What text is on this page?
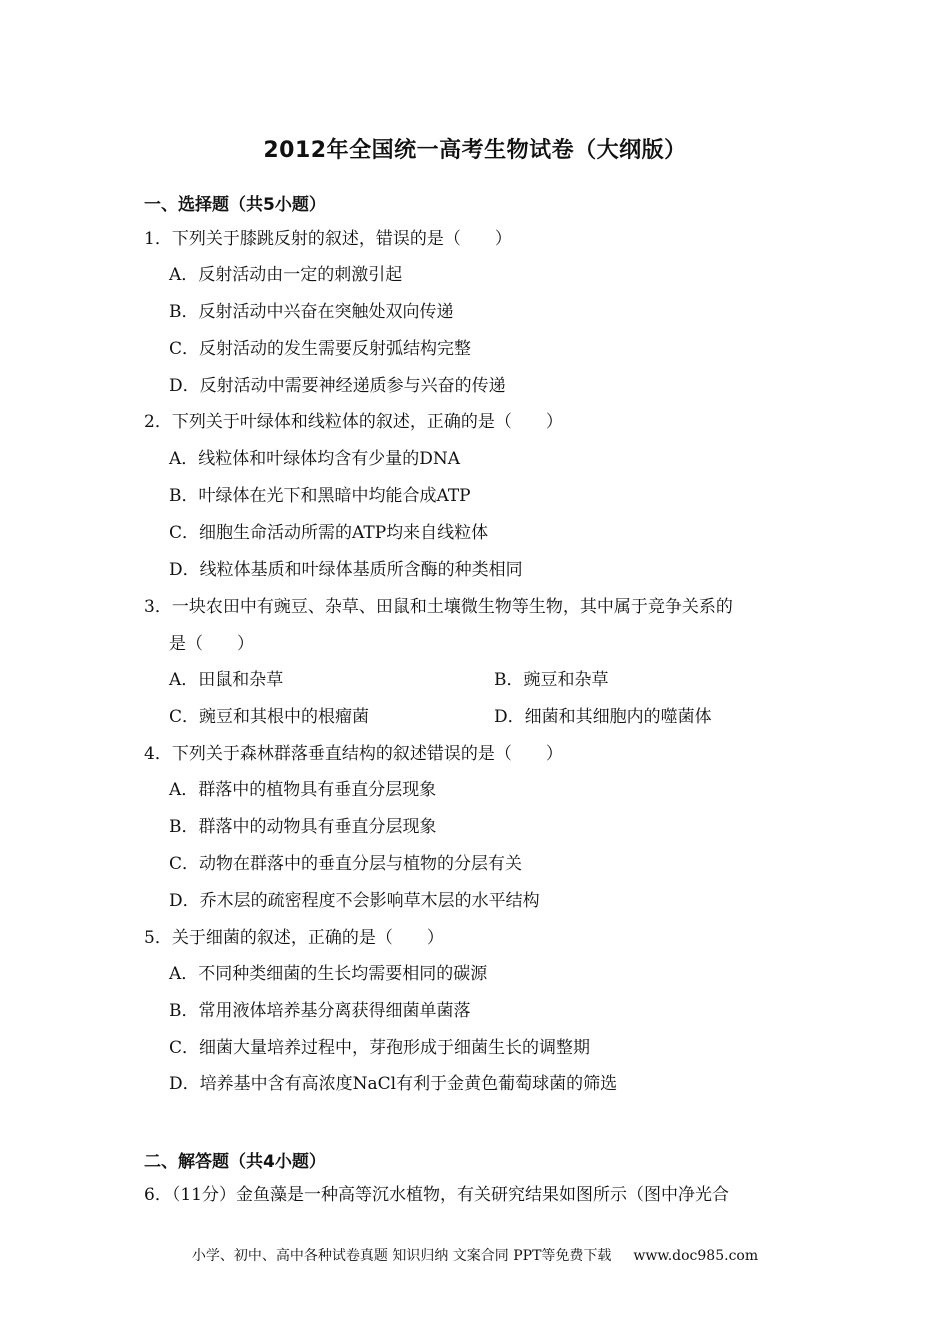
2012年全国统一高考生物试卷（大纲版）
一、选择题（共5小题）
1．下列关于膝跳反射的叙述，错误的是（　　）
A．反射活动由一定的刺激引起
B．反射活动中兴奋在突触处双向传递
C．反射活动的发生需要反射弧结构完整
D．反射活动中需要神经递质参与兴奋的传递
2．下列关于叶绿体和线粒体的叙述，正确的是（　　）
A．线粒体和叶绿体均含有少量的DNA
B．叶绿体在光下和黑暗中均能合成ATP
C．细胞生命活动所需的ATP均来自线粒体
D．线粒体基质和叶绿体基质所含酶的种类相同
3．一块农田中有豌豆、杂草、田鼠和土壤微生物等生物，其中属于竞争关系的
是（　　）
A．田鼠和杂草	B．豌豆和杂草
C．豌豆和其根中的根瘤菌	D．细菌和其细胞内的噬菌体
4．下列关于森林群落垂直结构的叙述错误的是（　　）
A．群落中的植物具有垂直分层现象
B．群落中的动物具有垂直分层现象
C．动物在群落中的垂直分层与植物的分层有关
D．乔木层的疏密程度不会影响草木层的水平结构
5．关于细菌的叙述，正确的是（　　）
A．不同种类细菌的生长均需要相同的碳源
B．常用液体培养基分离获得细菌单菌落
C．细菌大量培养过程中，芽孢形成于细菌生长的调整期
D．培养基中含有高浓度NaCl有利于金黄色葡萄球菌的筛选
二、解答题（共4小题）
6．（11分）金鱼藻是一种高等沉水植物，有关研究结果如图所示（图中净光合
小学、初中、高中各种试卷真题 知识归纳 文案合同 PPT等免费下载 www.doc985.com
